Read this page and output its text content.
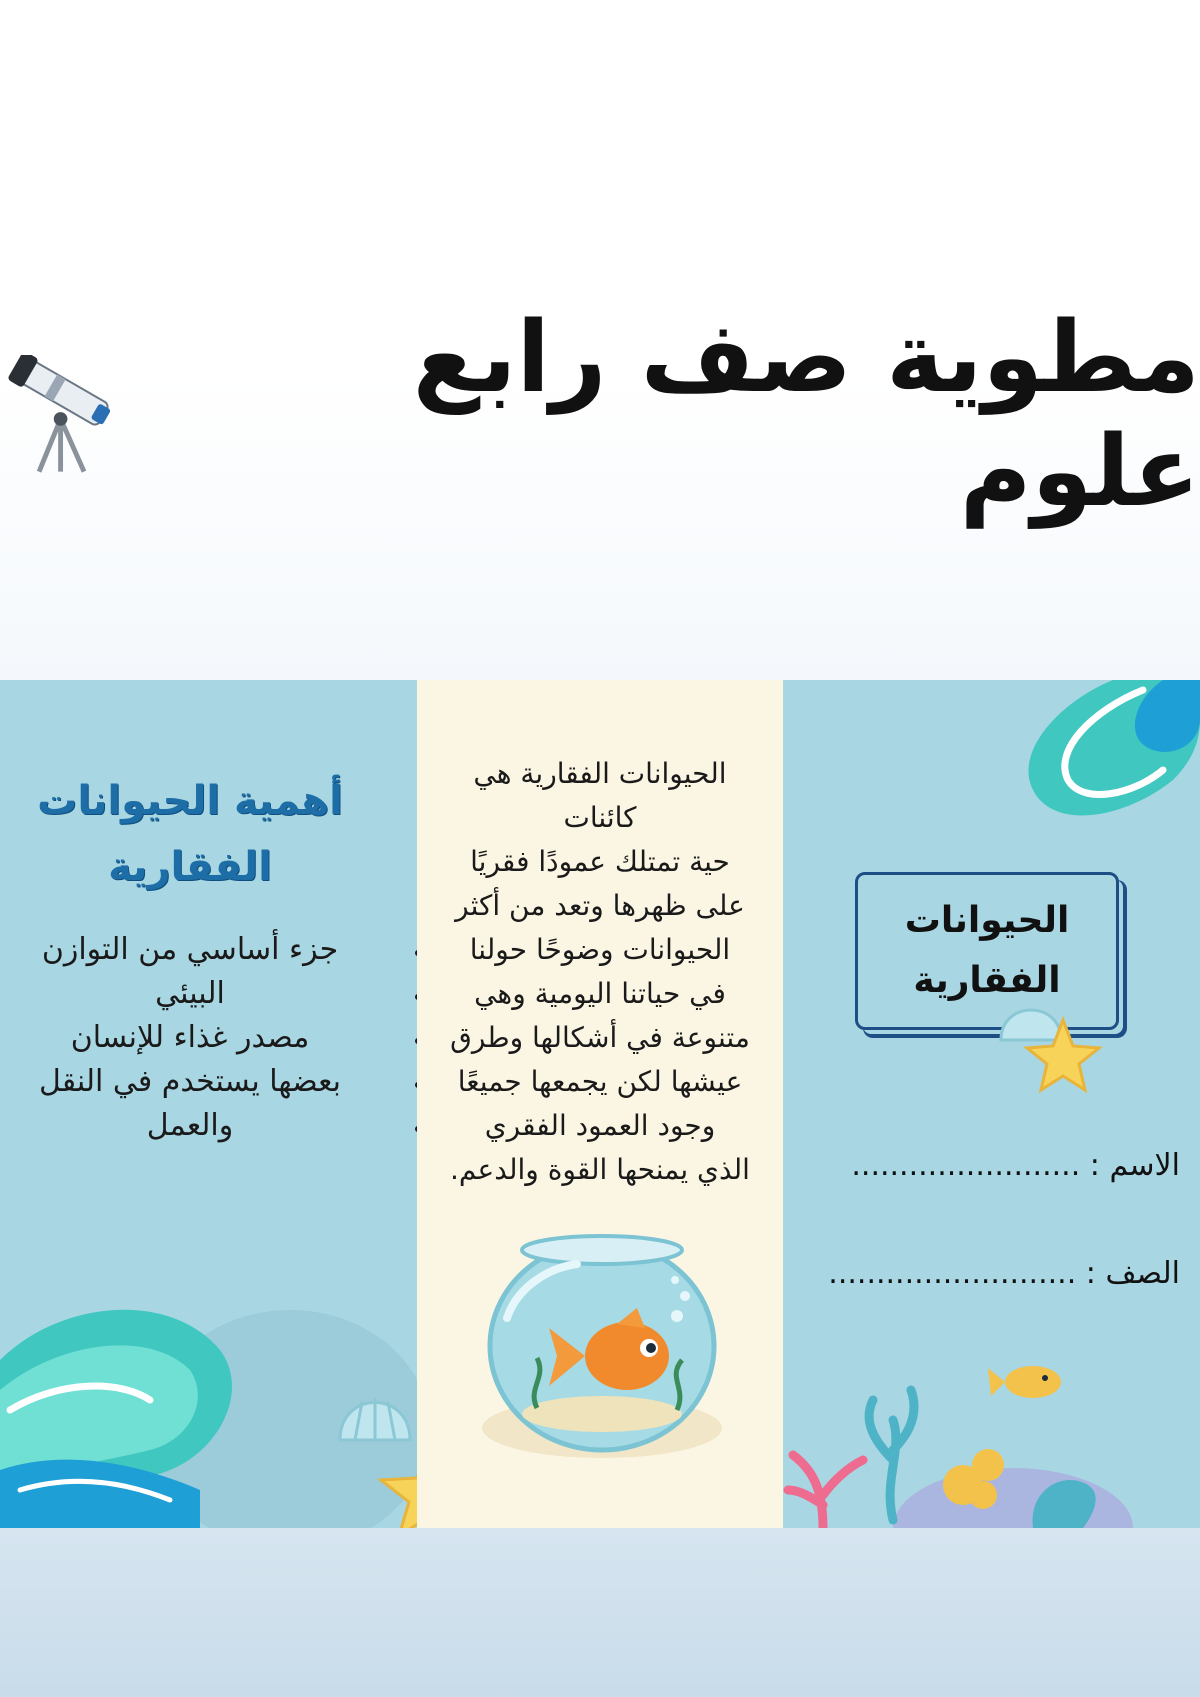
مطوية صف رابع علوم
أهمية الحيوانات الفقارية
• جزء أساسي من التوازن
• البيئي
• مصدر غذاء للإنسان
• بعضها يستخدم في النقل
• والعمل
الحيوانات الفقارية هي
كائنات
حية تمتلك عمودًا فقريًا
على ظهرها وتعد من أكثر
الحيوانات وضوحًا حولنا
في حياتنا اليومية وهي
متنوعة في أشكالها وطرق
عيشها لكن يجمعها جميعًا
وجود العمود الفقري
الذي يمنحها القوة والدعم.
الحيوانات الفقارية
الاسم : ........................
الصف : ..........................
